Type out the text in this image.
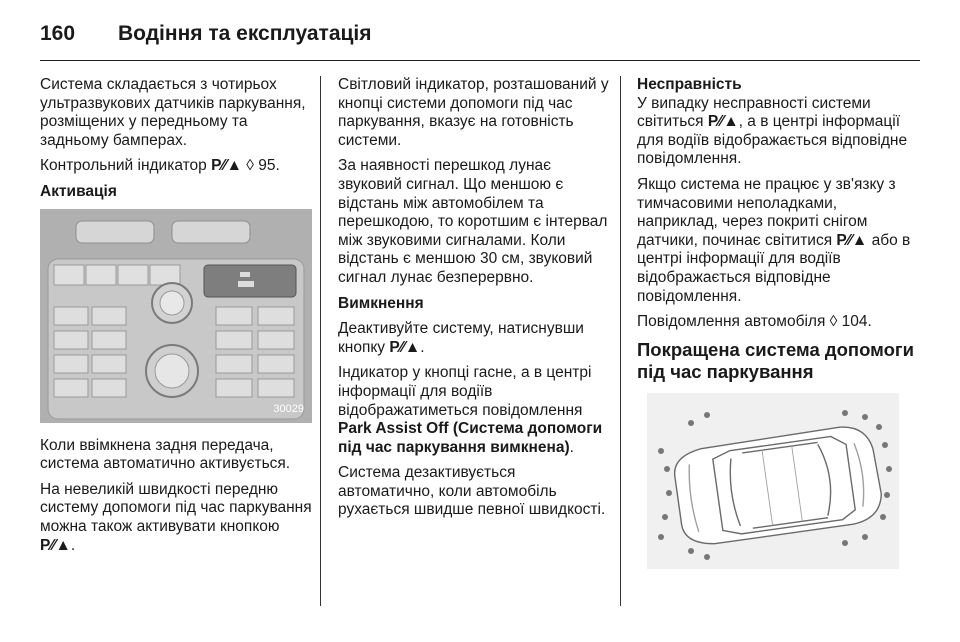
160	Водіння та експлуатація

Система складається з чотирьох ультразвукових датчиків паркування, розміщених у передньому та задньому бамперах.

Контрольний індикатор P⁄⁄▲ ◊ 95.

Активація
30029

Коли ввімкнена задня передача, система автоматично активується.

На невеликій швидкості передню систему допомоги під час паркування можна також активувати кнопкою P⁄⁄▲.

Світловий індикатор, розташований у кнопці системи допомоги під час паркування, вказує на готовність системи.

За наявності перешкод лунає звуковий сигнал. Що меншою є відстань між автомобілем та перешкодою, то коротшим є інтервал між звуковими сигналами. Коли відстань є меншою 30 см, звуковий сигнал лунає безперервно.

Вимкнення

Деактивуйте систему, натиснувши кнопку P⁄⁄▲.

Індикатор у кнопці гасне, а в центрі інформації для водіїв відображатиметься повідомлення Park Assist Off (Система допомоги під час паркування вимкнена).

Система дезактивується автоматично, коли автомобіль рухається швидше певної швидкості.

Несправність

У випадку несправності системи світиться P⁄⁄▲, а в центрі інформації для водіїв відображається відповідне повідомлення.

Якщо система не працює у зв'язку з тимчасовими неполадками, наприклад, через покриті снігом датчики, починає світитися P⁄⁄▲ або в центрі інформації для водіїв відображається відповідне повідомлення.

Повідомлення автомобіля ◊ 104.

Покращена система допомоги під час паркування
